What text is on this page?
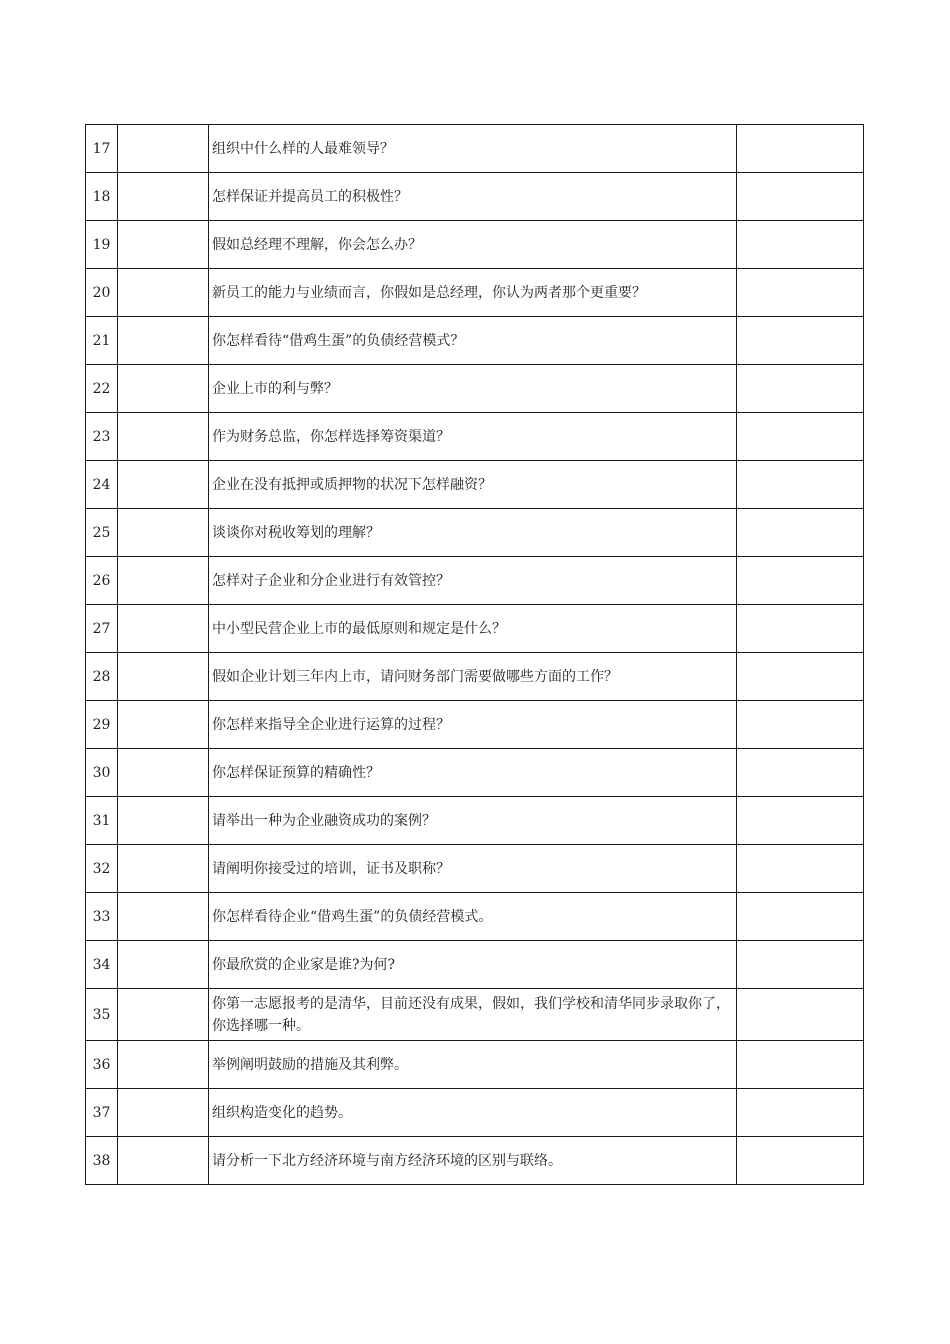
17		组织中什么样的人最难领导？	
18		怎样保证并提高员工的积极性？	
19		假如总经理不理解，你会怎么办？	
20		新员工的能力与业绩而言，你假如是总经理，你认为两者那个更重要？	
21		你怎样看待“借鸡生蛋”的负债经营模式？	
22		企业上市的利与弊？	
23		作为财务总监，你怎样选择筹资渠道？	
24		企业在没有抵押或质押物的状况下怎样融资？	
25		谈谈你对税收筹划的理解？	
26		怎样对子企业和分企业进行有效管控？	
27		中小型民营企业上市的最低原则和规定是什么？	
28		假如企业计划三年内上市，请问财务部门需要做哪些方面的工作？	
29		你怎样来指导全企业进行运算的过程？	
30		你怎样保证预算的精确性？	
31		请举出一种为企业融资成功的案例？	
32		请阐明你接受过的培训，证书及职称？	
33		你怎样看待企业“借鸡生蛋”的负债经营模式。	
34		你最欣赏的企业家是谁?为何?	
35		你第一志愿报考的是清华，目前还没有成果，假如，我们学校和清华同步录取你了，你选择哪一种。	
36		举例阐明鼓励的措施及其利弊。	
37		组织构造变化的趋势。	
38		请分析一下北方经济环境与南方经济环境的区别与联络。	
